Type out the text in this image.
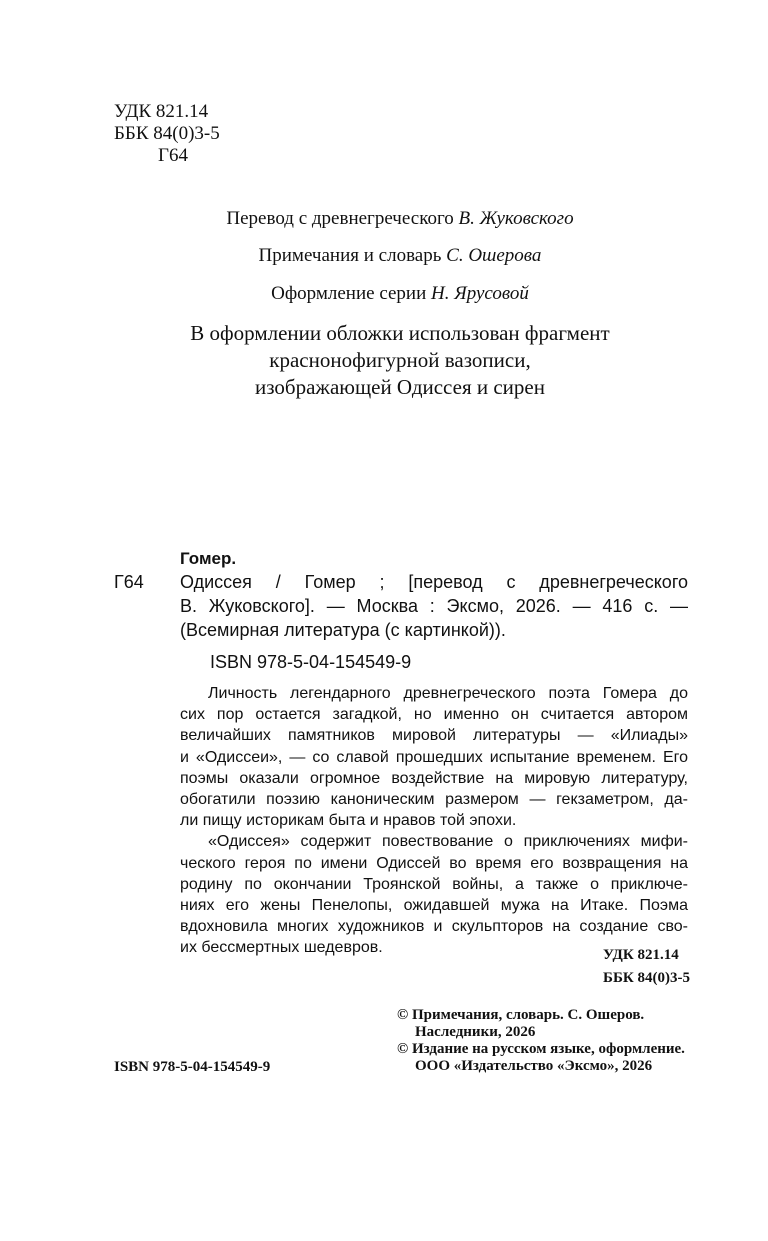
УДК 821.14
ББК 84(0)3-5
Г64
Перевод с древнегреческого В. Жуковского
Примечания и словарь С. Ошерова
Оформление серии Н. Ярусовой
В оформлении обложки использован фрагмент
краснонофигурной вазописи,
изображающей Одиссея и сирен
Гомер.
Г64 Одиссея / Гомер ; [перевод с древнегреческого
В. Жуковского]. — Москва : Эксмо, 2026. — 416 с. —
(Всемирная литература (с картинкой)).
ISBN 978-5-04-154549-9
Личность легендарного древнегреческого поэта Гомера до
сих пор остается загадкой, но именно он считается автором
величайших памятников мировой литературы — «Илиады»
и «Одиссеи», — со славой прошедших испытание временем. Его
поэмы оказали огромное воздействие на мировую литературу,
обогатили поэзию каноническим размером — гекзаметром, да-
ли пищу историкам быта и нравов той эпохи.
«Одиссея» содержит повествование о приключениях мифи-
ческого героя по имени Одиссей во время его возвращения на
родину по окончании Троянской войны, а также о приключе-
ниях его жены Пенелопы, ожидавшей мужа на Итаке. Поэма
вдохновила многих художников и скульпторов на создание сво-
их бессмертных шедевров.	УДК 821.14
ББК 84(0)3-5
© Примечания, словарь. С. Ошеров.
Наследники, 2026
© Издание на русском языке, оформление.
ООО «Издательство «Эксмо», 2026
ISBN 978-5-04-154549-9
